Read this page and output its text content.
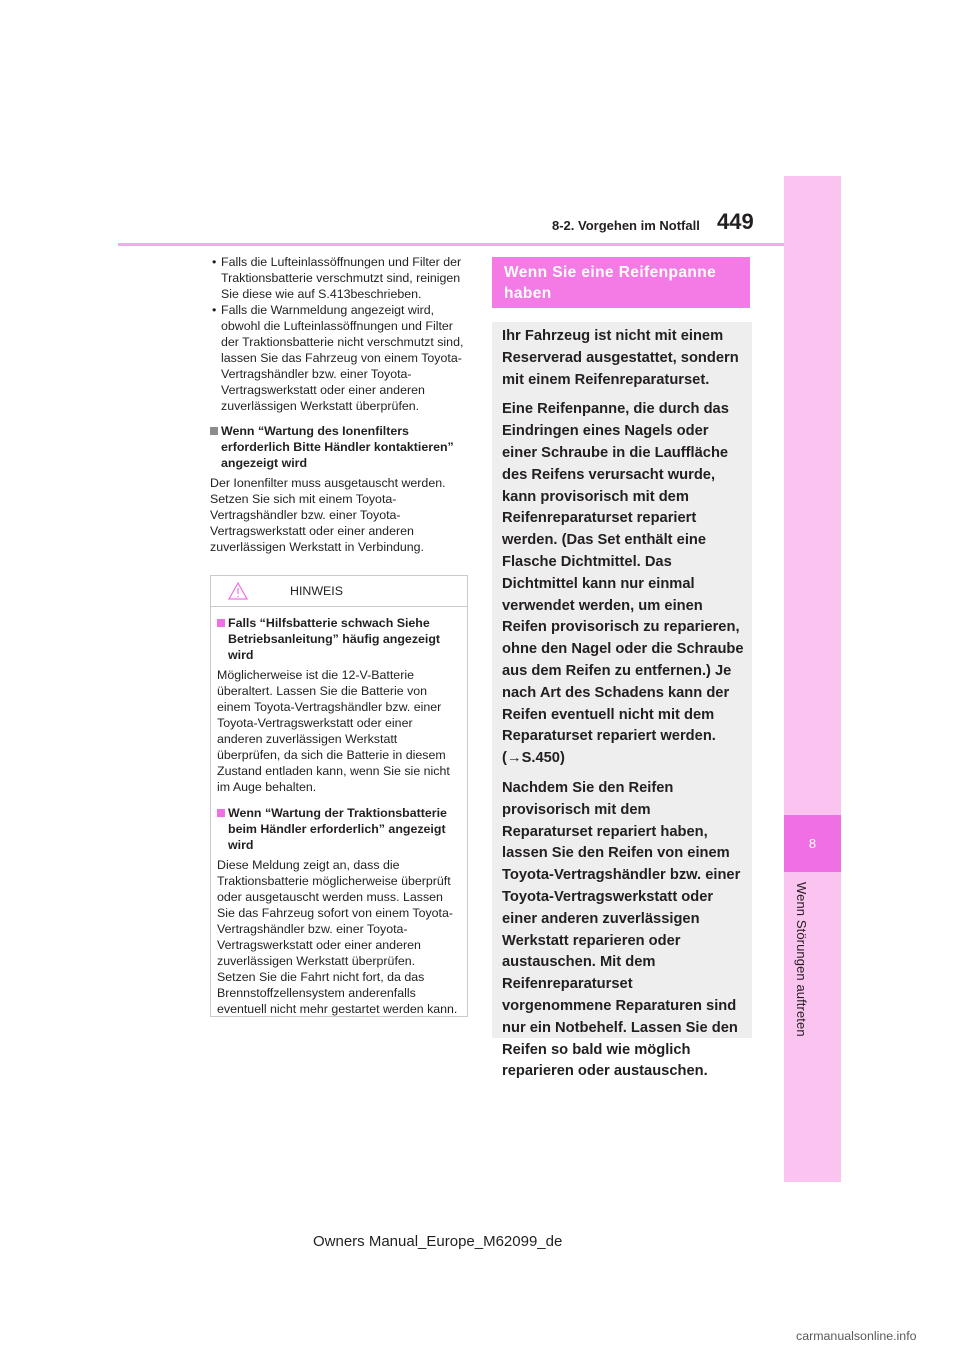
8
Wenn Störungen auftreten
8-2. Vorgehen im Notfall 449
• Falls die Lufteinlassöffnungen und Filter der Traktionsbatterie verschmutzt sind, reinigen Sie diese wie auf S.413beschrieben.
• Falls die Warnmeldung angezeigt wird, obwohl die Lufteinlassöffnungen und Filter der Traktionsbatterie nicht verschmutzt sind, lassen Sie das Fahrzeug von einem Toyota-Vertragshändler bzw. einer Toyota-Vertragswerkstatt oder einer anderen zuverlässigen Werkstatt überprüfen.
Wenn “Wartung des Ionenfilters erforderlich Bitte Händler kontaktieren” angezeigt wird
Der Ionenfilter muss ausgetauscht werden. Setzen Sie sich mit einem Toyota-Vertragshändler bzw. einer Toyota-Vertragswerkstatt oder einer anderen zuverlässigen Werkstatt in Verbindung.
HINWEIS
Falls “Hilfsbatterie schwach Siehe Betriebsanleitung” häufig angezeigt wird
Möglicherweise ist die 12-V-Batterie überaltert. Lassen Sie die Batterie von einem Toyota-Vertragshändler bzw. einer Toyota-Vertragswerkstatt oder einer anderen zuverlässigen Werkstatt überprüfen, da sich die Batterie in diesem Zustand entladen kann, wenn Sie sie nicht im Auge behalten.
Wenn “Wartung der Traktionsbatterie beim Händler erforderlich” angezeigt wird
Diese Meldung zeigt an, dass die Traktionsbatterie möglicherweise überprüft oder ausgetauscht werden muss. Lassen Sie das Fahrzeug sofort von einem Toyota-Vertragshändler bzw. einer Toyota-Vertragswerkstatt oder einer anderen zuverlässigen Werkstatt überprüfen.
Setzen Sie die Fahrt nicht fort, da das Brennstoffzellensystem anderenfalls eventuell nicht mehr gestartet werden kann.
Wenn Sie eine Reifenpanne haben

Ihr Fahrzeug ist nicht mit einem Reserverad ausgestattet, sondern mit einem Reifenreparaturset.

Eine Reifenpanne, die durch das Eindringen eines Nagels oder einer Schraube in die Lauffläche des Reifens verursacht wurde, kann provisorisch mit dem Reifenreparaturset repariert werden. (Das Set enthält eine Flasche Dichtmittel. Das Dichtmittel kann nur einmal verwendet werden, um einen Reifen provisorisch zu reparieren, ohne den Nagel oder die Schraube aus dem Reifen zu entfernen.) Je nach Art des Schadens kann der Reifen eventuell nicht mit dem Reparaturset repariert werden. (→S.450)

Nachdem Sie den Reifen provisorisch mit dem Reparaturset repariert haben, lassen Sie den Reifen von einem Toyota-Vertragshändler bzw. einer Toyota-Vertragswerkstatt oder einer anderen zuverlässigen Werkstatt reparieren oder austauschen. Mit dem Reifenreparaturset vorgenommene Reparaturen sind nur ein Notbehelf. Lassen Sie den Reifen so bald wie möglich reparieren oder austauschen.

Owners Manual_Europe_M62099_de
carmanualsonline.info
